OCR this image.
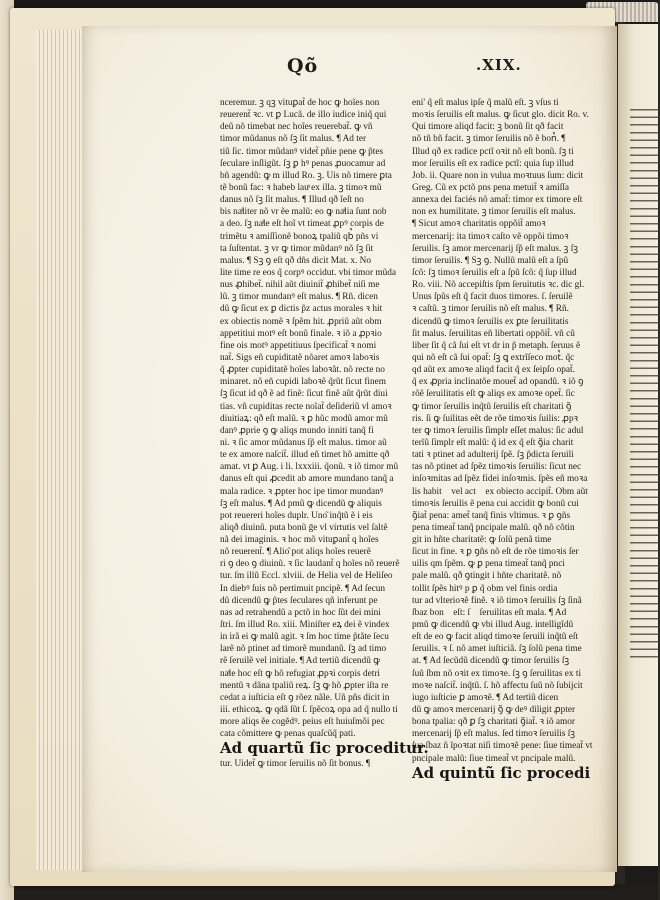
Qõ	.XIX.
nceremur. ꝫ qꝫ vituꝑat̃ de hoc ꝙ hoĩes non
reuerent̃ ꝛc. vt ꝑ Lucã. de illo iudice iniq̃ qui
deũ nõ timebat nec hoĩes reuerebat̃. ꝙ vñ
timor mũdanus nõ ſꝫ ſit malus. ¶ Ad ter
tiũ ſic. timor mũdanꝰ videt̃ pñie pene ꝙ p̃tes
ſeculare inſligũt. ſꝫ ꝑ hꝰ penas ꝓuocamur ad
bñ agendũ: ꝙ m illud Ro. ꝫ. Uis nõ timere ꝑta
tẽ bonũ fac: ꝛ habeb lauͣ ex illa. ꝫ timoꝛ mũ
danus nõ ſꝫ ſit malus. ¶ Illud qð ĩeſt no
bis naͣliter nõ vr ẽe malũ: eo ꝙ naͣlia ſunt nob
a deo. ſꝫ naͣle eſt hoĩ vt timeat ꝓpꝰ corpis de
trimẽtu ꝛ amiſſionẽ bonoꝝ tpaliũ qb᷒ pñs vi
ta ſuſtentat. ꝫ vr ꝙ timor mũdanꝰ nõ ſꝫ ſit
malus. ¶ Sꝫ ꝯ eſt qð dñs dicit Mat. x. No
lite time re eos q̃ corpꝰ occidut. vbi timor mũda
nus ꝓhibet̃. nihil aũt diuinit̃ ꝓhibet̃ niſi me
lũ. ꝫ timor mundanꝰ eſt malus. ¶ Rñ. dicen
dũ ꝙ ſicut ex ꝑ dictis p̃z actus morales ꝛ hit
ex obiectis nomẽ ꝛ ſpẽm hit. ꝓpriũ aũt obm
appetitiui motꝰ eſt bonũ finale. ꝛ iõ a ꝓpꝛio
fine ois motꝰ appetitiuus ſpecificat̃ ꝛ nomi
nat̃. Sigs eñ cupiditatẽ nõaret amoꝛ laboꝛis
q̃ ꝓpter cupiditatẽ hoĩes laboꝛãt. nõ recte no
minaret. nõ eñ cupidi laboꝛẽ q̃rũt ſicut finem
ſꝫ ſicut id qð ẽ ad finẽ: ſicut finẽ aũt q̃rũt diui
tias. vñ cupiditas recte noĩat̃ deſideriũ vl amoꝛ
diuitiaꝝ: qð eſt malũ. ꝛ ꝑ hũc modũ amor mũ
danꝰ ꝓprie ꝯ ꝙ aliqs mundo inniti tanq̃ fi
ni. ꝛ ſic amor mũdanus ſp̃ eſt malus. timor aũ
te ex amore naſcit̃. illud eñ timet hõ amitte qð
amat. vt ꝑ Aug. i li. lxxxiii. q̃onũ. ꝛ iõ timor mũ
danus eſt qui ꝓcedit ab amore mundano tanq̃ a
mala radice. ꝛ ꝓpter hoc ipe timor mundanꝰ
ſꝫ eſt malus. ¶ Ad pmũ ꝙ dicendũ ꝙ aliquis
pot reuereri hoĩes duplr. Uno͂ inq̃tũ ẽ i eis
aliqð diuinũ. puta bonũ ḡe vl virtutis vel ſaltẽ
nã dei imaginis. ꝛ hoc mõ vituꝑant̃ q hoĩes
nõ reuerent̃. ¶ Alio͂ pot aliqs hoĩes reuerẽ
ri ꝯ deo ꝯ diuinũ. ꝛ ſic laudant̃ q hoĩes nõ reuerẽ
tur. ſm illũ Eccl. xlviii. de Helia vel de Heliſeo
In diebꝰ ſuis nõ pertimuit pncipẽ. ¶ Ad ſecun
dũ dicendũ ꝙ p̃tes ſeculares qñ inferunt pe
nas ad retrahendũ a pctõ in hoc ſũt dei mini
ſtri. ſm illud Ro. xiii. Miniſter eꝝ dei ẽ vindex
in irã ei ꝙ malũ agit. ꝛ ſm hoc time p̃tãte ſecu
larẽ nõ ptinet ad timorẽ mundanũ. ſꝫ ad timo
rẽ ſeruilẽ vel initiale. ¶ Ad tertiũ dicendũ ꝙ
naͣle hoc eſt ꝙ hõ refugiat ꝓpꝛi corpis detri
mentũ ꝛ dãna tpaliũ reꝝ. ſꝫ ꝙ hõ ꝓpter iſta re
cedat a iuſticia eſt ꝯ rõez nãle. Uñ pñs dicit in
iii. ethicoꝝ. ꝙ qdã ſũt ſ. ſpẽcoꝝ opa ad q̃ nullo ti
more aliqs ẽe cogẽdꝰ. peius eſt huiuſmõi pec
cata cõmittere ꝙ penas quaſcũq̃ pati.
Ad quartũ ſic proceditur.
tur. Uidet̃ ꝙ timor ſeruilis nõ ſit bonus. ¶
eni' q̃ eſt malus ipſe q̃ malũ eſt. ꝫ vſus ti
moꝛis ſeruilis eſt malus. ꝙ ſicut glo. dicit Ro. v.
Qui timore aliqd facit: ꝫ bonũ ſit qð facit
nõ tñ bñ facit. ꝫ timor ſeruilis nõ ẽ bon᷒. ¶
Illud qð ex radice pctĩ oꝛit nõ eſt bonũ. ſꝫ ti
mor ſeruilis eſt ex radice pctĩ: quia ſup illud
Job. ii. Quare non in vulua moꝛtuus ſum: dicit
Greg. Cũ ex pctõ pns pena metuit̃ ꝛ amiſſa
annexa dei faciés nõ amat̃: timor ex timore eſt
non ex humilitate. ꝫ timor ſeruilis eſt malus.
¶ Sicut amoꝛ charitatis oppõit̃ amoꝛ
mercenarij: ita timoꝛ caſto vẽ oppõi timoꝛ
ſeruilis. ſꝫ amor mercenarij ſp̃ eſt malus. ꝫ ſꝫ
timor ſeruilis. ¶ Sꝫ ꝯ. Nullũ malũ eſt a ſpũ
ſcõ: ſꝫ timoꝛ ſeruilis eſt a ſpũ ſcõ: q̃ ſup illud
Ro. viii. Nõ accepiſtis ſpm ſeruitutis ꝛc. dic gl.
Unus ſpũs eſt q̃ facit duos timores. ſ. ſeruilẽ
ꝛ caſtũ. ꝫ timor ſeruilis nõ eſt malus. ¶ Rñ.
dicendũ ꝙ timoꝛ ſeruilis ex ꝑte ſeruilitatis
ſit malus. ſeruilitas eñ libertati oppõit̃. vñ cũ
liber ſit q̃ cã ſui eſt vt dr in p̃ metaph. ſeruus ẽ
qui nõ eſt cã ſui opat̃: ſꝫ ꝗ extrĩſeco mot᷒. q̃c
qd aũt ex amoꝛe aliqd facit q̃ ex ſeipſo opat̃.
q̃ ex ꝓpria inclinatõe mouet̃ ad opandũ. ꝛ iõ ꝯ
rõẽ ſeruilitatis eſt ꝙ aliqs ex amoꝛe opet̃. ſic
ꝙ timor ſeruilis inq̃tũ ſeruilis eſt charitati ꝯ̃
ris. ſi ꝙ ſuilitas eẽt de rõe timoꝛis ſuilis: ꝓpꝛ
ter ꝙ timoꝛ ſeruilis ſimplr eſſet malus: ſic adul
terĩũ ſimplr eſt malũ: q̃ id ex q̃ eſt ꝯ̃ia charit
tati ꝛ ptinet ad adulterij ſpẽ. ſꝫ p̃dicta ſeruili
tas nõ ptinet ad ſpẽz timoꝛis ſeruilis: ſicut nec
inſoꝛmitas ad ſpẽz fidei inſoꝛmis. ſpẽs eñ moꝛa
lis habit᷒ vel act᷒ ex obiecto accipit̃. Obm aũt
timoꝛis ſeruilis ẽ pena cui accidit ꝙ bonũ cui
ꝯ̃iat̃ pena: amet̃ tanq̃ finis vltimus. ꝛ ꝑ ꝯñs
pena timeat̃ tanq̃ pncipale malũ. qð nõ cõtin
git in hñte charitatẽ: ꝙ ſolũ penã time
ſicut in fine. ꝛ ꝑ ꝯñs nõ eſt de rõe timoꝛis ſer
uilis qm ſpẽm. ꝙ ꝑ pena timeat̃ tanq̃ pnci
pale malũ. qð ꝯtingit i hñte charitatẽ. nõ
tollit ſpẽs hitꝰ p ꝑ q̃ obm vel finis ordia
tur ad vlterioꝛẽ finẽ. ꝛ iõ timoꝛ ſeruilis ſꝫ ſinã
ſbaz bon᷒ eſt: ſꝫ ſeruilitas eſt mala. ¶ Ad
pmũ ꝙ dicendũ ꝙ vbi illud Aug. intelligĩdũ
eſt de eo ꝙ facit aliqd timoꝛe ſeruili inq̃tũ eſt
ſeruilis. ꝛ ſ. nõ amet iuſticiã. ſꝫ ſolũ pena time
at. ¶ Ad ſecũdũ dicendũ ꝙ timor ſeruilis ſꝫ
ſuũ ſbm nõ oꝛit ex timoꝛe. ſꝫ ꝯ ſeruilitas ex ti
moꝛe naſcit̃. inq̃tũ. ſ. hõ affectu ſuũ nõ ſubijcit
iugo iuſticie ꝑ amoꝛẽ. ¶ Ad tertiũ dicen
dũ ꝙ amoꝛ mercenarij ꝯ̃ ꝙ deꝰ diligit ꝓpter
bona tpalia: qð ꝑ ſꝫ charitati ꝯ̃iat̃. ꝛ iõ amor
mercenarij ſp̃ eſt malus. ſed timoꝛ ſeruilis ſꝫ
ſua ſbaz ñ ĩpoꝛtat niſi timoꝛẽ pene: ſiue timeat̃ vt
pncipale malũ: ſiue timeat̃ vt pncipale malũ.
Ad quintũ ſic procedi
